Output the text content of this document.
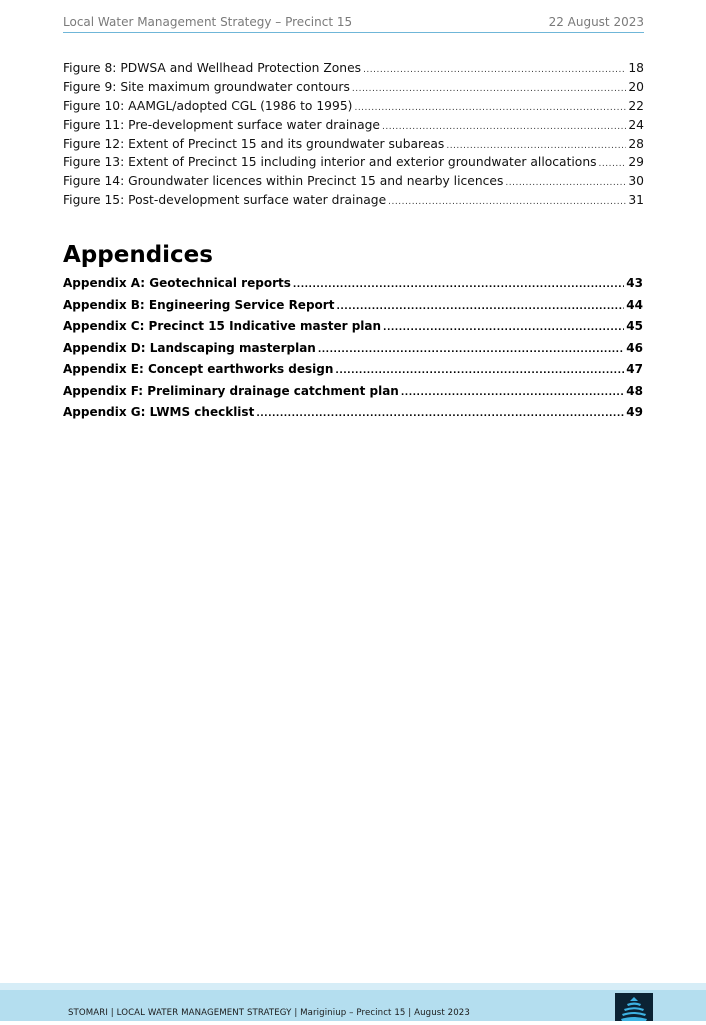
Local Water Management Strategy – Precinct 15	22 August 2023
Figure 8: PDWSA and Wellhead Protection Zones .....	18
Figure 9: Site maximum groundwater contours .....	20
Figure 10: AAMGL/adopted CGL (1986 to 1995) .....	22
Figure 11: Pre-development surface water drainage .....	24
Figure 12: Extent of Precinct 15 and its groundwater subareas .....	28
Figure 13: Extent of Precinct 15 including interior and exterior groundwater allocations .....	29
Figure 14: Groundwater licences within Precinct 15 and nearby licences .....	30
Figure 15: Post-development surface water drainage .....	31
Appendices
Appendix A: Geotechnical reports .....	43
Appendix B: Engineering Service Report .....	44
Appendix C: Precinct 15 Indicative master plan .....	45
Appendix D: Landscaping masterplan .....	46
Appendix E: Concept earthworks design .....	47
Appendix F: Preliminary drainage catchment plan .....	48
Appendix G: LWMS checklist .....	49
STOMARI | LOCAL WATER MANAGEMENT STRATEGY | Mariginiup – Precinct 15 | August 2023
